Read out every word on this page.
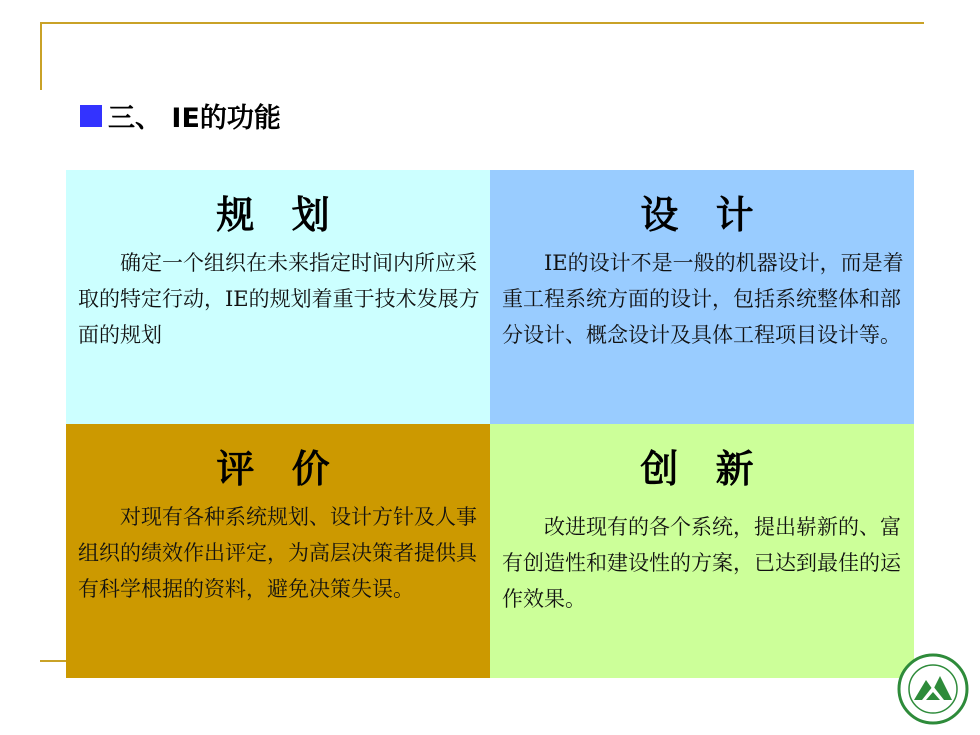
三、 IE的功能
规 划
确定一个组织在未来指定时间内所应采取的特定行动，IE的规划着重于技术发展方面的规划
设 计
IE的设计不是一般的机器设计，而是着重工程系统方面的设计，包括系统整体和部分设计、概念设计及具体工程项目设计等。
评 价
对现有各种系统规划、设计方针及人事组织的绩效作出评定，为高层决策者提供具有科学根据的资料，避免决策失误。
创 新
改进现有的各个系统，提出崭新的、富有创造性和建设性的方案，已达到最佳的运作效果。
